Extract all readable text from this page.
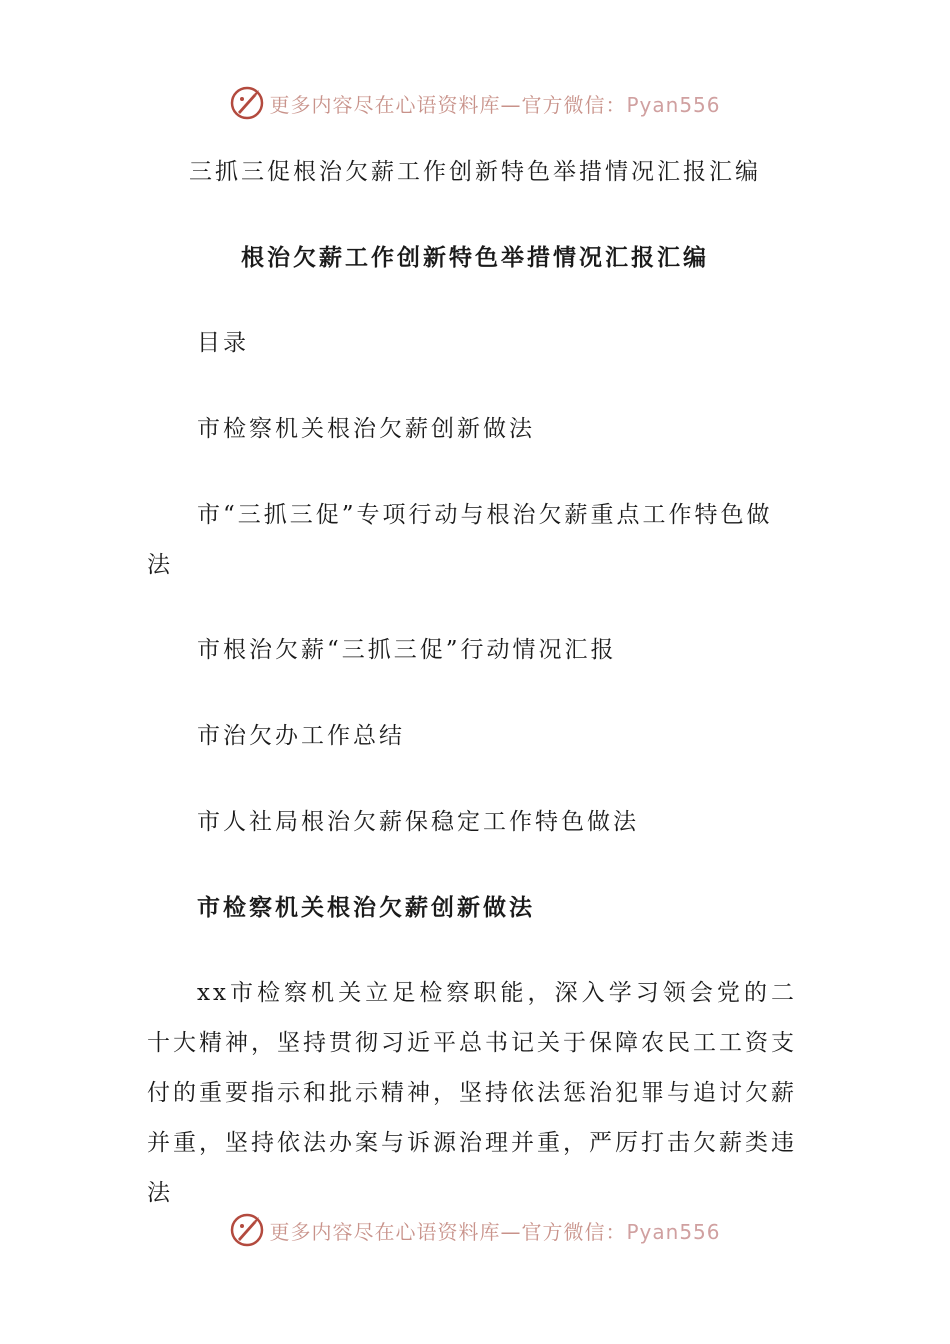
更多内容尽在心语资料库—官方微信：Pyan556
三抓三促根治欠薪工作创新特色举措情况汇报汇编
根治欠薪工作创新特色举措情况汇报汇编
目录
市检察机关根治欠薪创新做法
市“三抓三促”专项行动与根治欠薪重点工作特色做
法
市根治欠薪“三抓三促”行动情况汇报
市治欠办工作总结
市人社局根治欠薪保稳定工作特色做法
市检察机关根治欠薪创新做法
xx市检察机关立足检察职能，深入学习领会党的二十大精神，坚持贯彻习近平总书记关于保障农民工工资支付的重要指示和批示精神，坚持依法惩治犯罪与追讨欠薪并重，坚持依法办案与诉源治理并重，严厉打击欠薪类违法
更多内容尽在心语资料库—官方微信：Pyan556
